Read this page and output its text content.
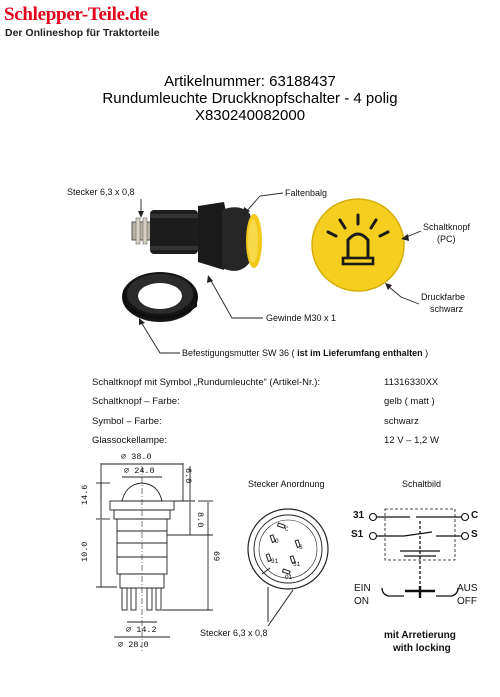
Schlepper-Teile.de
Der Onlineshop für Traktorteile
Artikelnummer: 63188437
Rundumleuchte Druckknopfschalter - 4 polig
X830240082000
Stecker 6,3 x 0,8	Faltenbalg
Schaltknopf
(PC)
Druckfarbe
schwarz
Gewinde M30 x 1
Befestigungsmutter SW 36 ( ist im Lieferumfang enthalten )
Schaltknopf mit Symbol „Rundumleuchte“ (Artikel-Nr.):	11316330XX
Schaltknopf – Farbe:	gelb ( matt )
Symbol – Farbe:	schwarz
Glassockellampe:	12 V – 1,2 W
⌀ 38.0
⌀ 24.0
⌀ 14.2
⌀ 28.0
14.6
10.0
6.0
8.0
69
Stecker Anordnung
C
O
S
31 S1
O1
Stecker 6,3 x 0,8
Schaltbild
31
S1
C
S
EIN
ON
AUS
OFF
mit Arretierung
with locking
